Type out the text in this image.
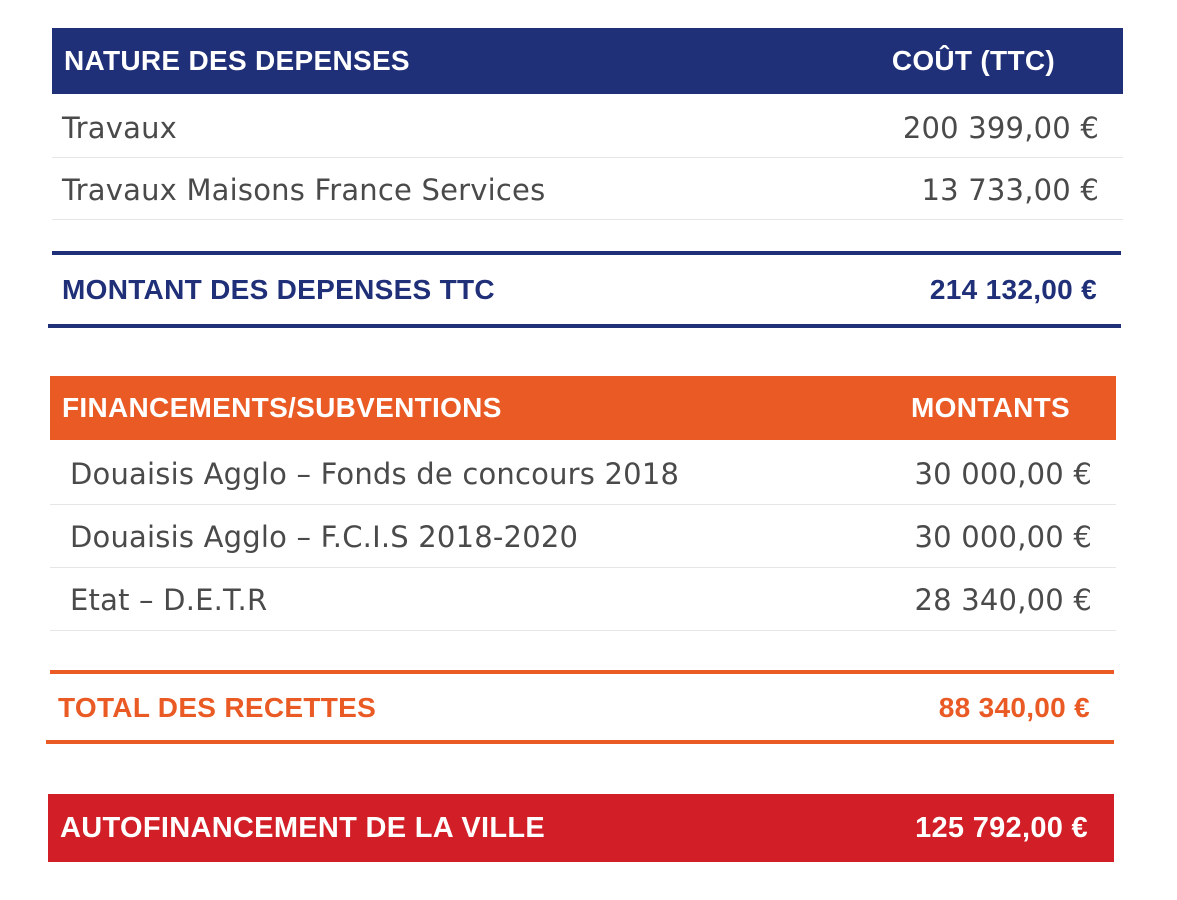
NATURE DES DEPENSES	COÛT (TTC)
Travaux	200 399,00 €
Travaux Maisons France Services	13 733,00 €
MONTANT DES DEPENSES TTC	214 132,00 €
FINANCEMENTS/SUBVENTIONS	MONTANTS
Douaisis Agglo – Fonds de concours 2018	30 000,00 €
Douaisis Agglo – F.C.I.S 2018-2020	30 000,00 €
Etat – D.E.T.R	28 340,00 €
TOTAL DES RECETTES	88 340,00 €
AUTOFINANCEMENT DE LA VILLE	125 792,00 €
